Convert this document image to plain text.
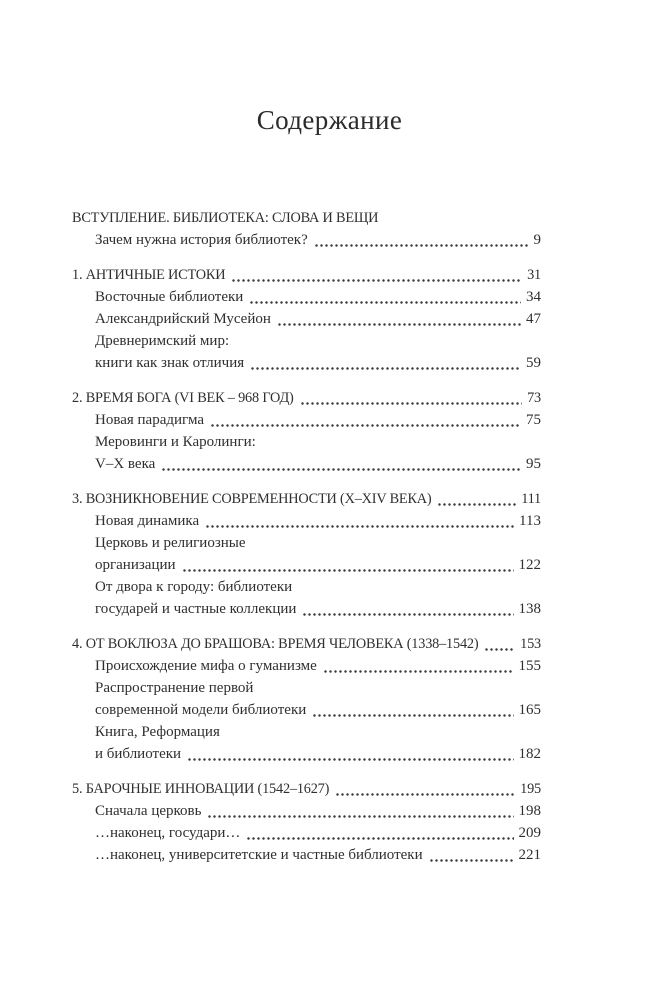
Содержание
ВСТУПЛЕНИЕ. БИБЛИОТЕКА: СЛОВА И ВЕЩИ
Зачем нужна история библиотек?	9
1. АНТИЧНЫЕ ИСТОКИ	31
Восточные библиотеки	34
Александрийский Мусейон	47
Древнеримский мир:
книги как знак отличия	59
2. ВРЕМЯ БОГА (VI ВЕК – 968 ГОД)	73
Новая парадигма	75
Меровинги и Каролинги:
V–X века	95
3. ВОЗНИКНОВЕНИЕ СОВРЕМЕННОСТИ (X–XIV ВЕКА)	111
Новая динамика	113
Церковь и религиозные
организации	122
От двора к городу: библиотеки
государей и частные коллекции	138
4. ОТ ВОКЛЮЗА ДО БРАШОВА: ВРЕМЯ ЧЕЛОВЕКА (1338–1542)	153
Происхождение мифа о гуманизме	155
Распространение первой
современной модели библиотеки	165
Книга, Реформация
и библиотеки	182
5. БАРОЧНЫЕ ИННОВАЦИИ (1542–1627)	195
Сначала церковь	198
…наконец, государи…	209
…наконец, университетские и частные библиотеки	221
